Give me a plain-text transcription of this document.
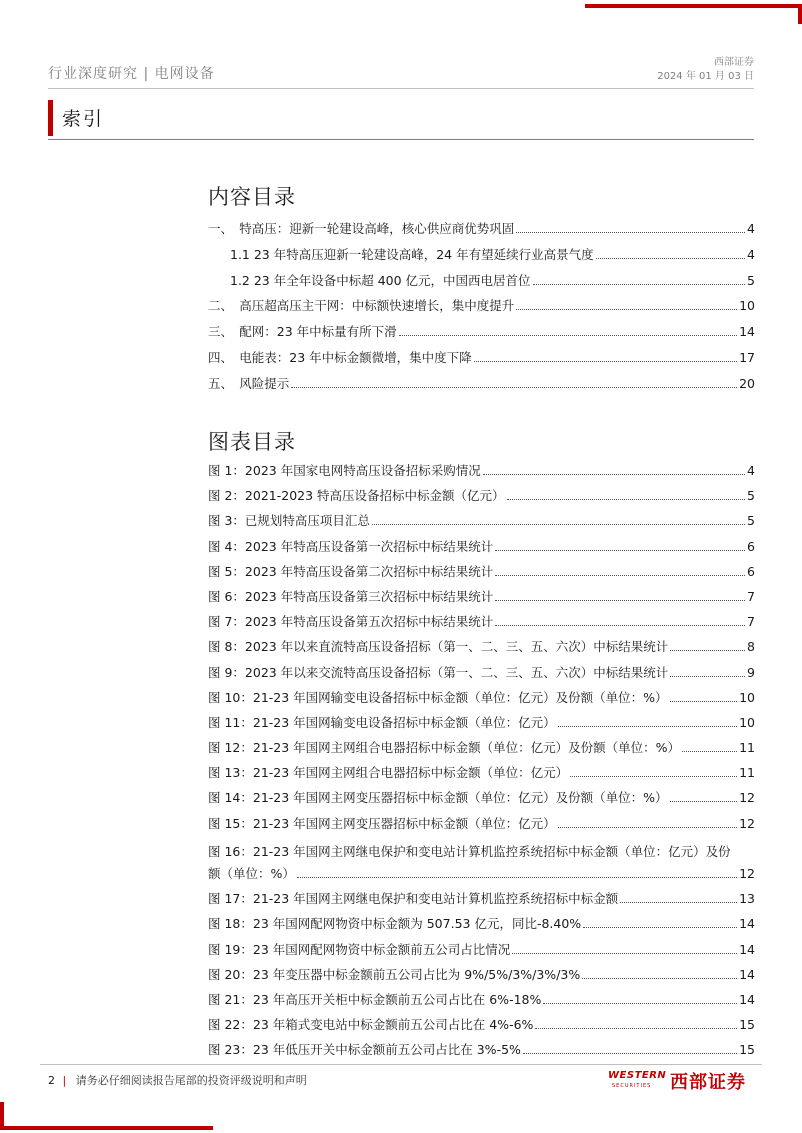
行业深度研究 | 电网设备
西部证券
2024 年 01 月 03 日
索引
内容目录
一、　特高压：迎新一轮建设高峰，核心供应商优势巩固	4
1.1 23 年特高压迎新一轮建设高峰，24 年有望延续行业高景气度	4
1.2 23 年全年设备中标超 400 亿元，中国西电居首位	5
二、　高压超高压主干网：中标额快速增长，集中度提升	10
三、　配网：23 年中标量有所下滑	14
四、　电能表：23 年中标金额微增，集中度下降	17
五、　风险提示	20
图表目录
图 1：2023 年国家电网特高压设备招标采购情况	4
图 2：2021-2023 特高压设备招标中标金额（亿元）	5
图 3：已规划特高压项目汇总	5
图 4：2023 年特高压设备第一次招标中标结果统计	6
图 5：2023 年特高压设备第二次招标中标结果统计	6
图 6：2023 年特高压设备第三次招标中标结果统计	7
图 7：2023 年特高压设备第五次招标中标结果统计	7
图 8：2023 年以来直流特高压设备招标（第一、二、三、五、六次）中标结果统计	8
图 9：2023 年以来交流特高压设备招标（第一、二、三、五、六次）中标结果统计	9
图 10：21-23 年国网输变电设备招标中标金额（单位：亿元）及份额（单位：%）	10
图 11：21-23 年国网输变电设备招标中标金额（单位：亿元）	10
图 12：21-23 年国网主网组合电器招标中标金额（单位：亿元）及份额（单位：%）	11
图 13：21-23 年国网主网组合电器招标中标金额（单位：亿元）	11
图 14：21-23 年国网主网变压器招标中标金额（单位：亿元）及份额（单位：%）	12
图 15：21-23 年国网主网变压器招标中标金额（单位：亿元）	12
图 16：21-23 年国网主网继电保护和变电站计算机监控系统招标中标金额（单位：亿元）及份
额（单位：%）	12
图 17：21-23 年国网主网继电保护和变电站计算机监控系统招标中标金额	13
图 18：23 年国网配网物资中标金额为 507.53 亿元，同比-8.40%	14
图 19：23 年国网配网物资中标金额前五公司占比情况	14
图 20：23 年变压器中标金额前五公司占比为 9%/5%/3%/3%/3%	14
图 21：23 年高压开关柜中标金额前五公司占比在 6%-18%	14
图 22：23 年箱式变电站中标金额前五公司占比在 4%-6%	15
图 23：23 年低压开关中标金额前五公司占比在 3%-5%	15
2 | 请务必仔细阅读报告尾部的投资评级说明和声明	WESTERN
SECURITIES 西部证券
